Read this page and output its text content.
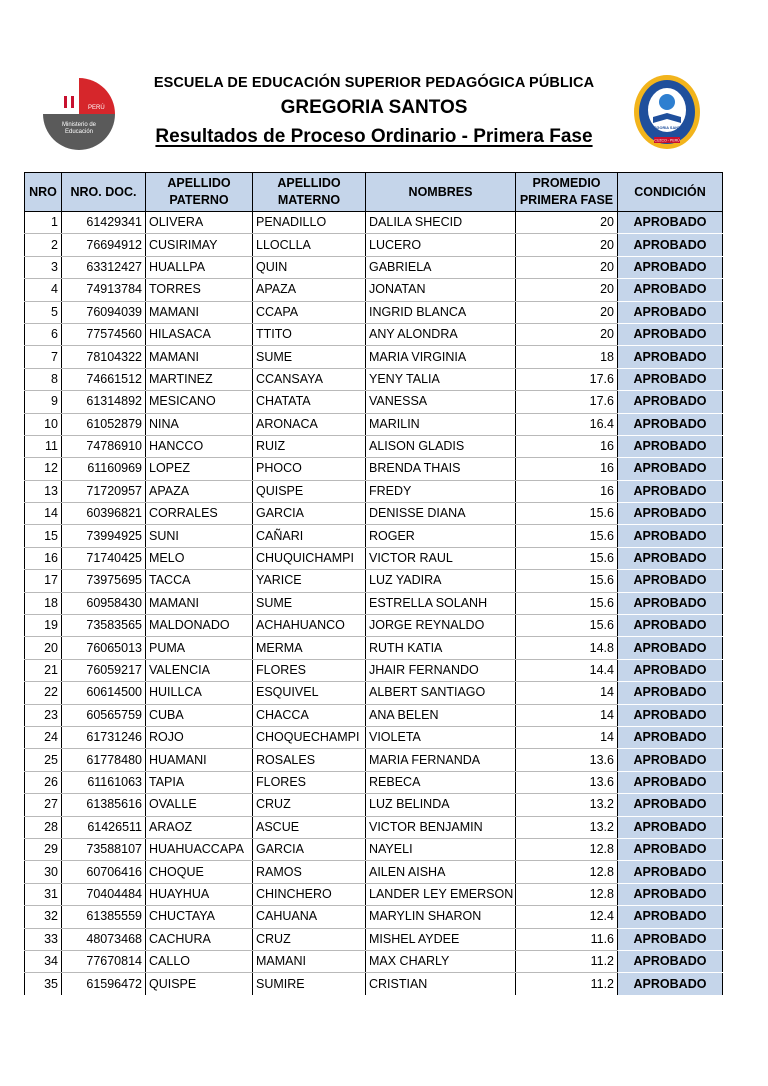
PERÚ
Ministerio de
Educación
GREGORIA SANTOS
CUZCO - PERÚ
ESCUELA DE EDUCACIÓN SUPERIOR PEDAGÓGICA PÚBLICA
GREGORIA SANTOS
Resultados de Proceso Ordinario - Primera Fase
NRO	NRO. DOC.	APELLIDO PATERNO	APELLIDO MATERNO	NOMBRES	PROMEDIO PRIMERA FASE	CONDICIÓN
1	61429341	OLIVERA	PENADILLO	DALILA SHECID	20	APROBADO
2	76694912	CUSIRIMAY	LLOCLLA	LUCERO	20	APROBADO
3	63312427	HUALLPA	QUIN	GABRIELA	20	APROBADO
4	74913784	TORRES	APAZA	JONATAN	20	APROBADO
5	76094039	MAMANI	CCAPA	INGRID BLANCA	20	APROBADO
6	77574560	HILASACA	TTITO	ANY ALONDRA	20	APROBADO
7	78104322	MAMANI	SUME	MARIA VIRGINIA	18	APROBADO
8	74661512	MARTINEZ	CCANSAYA	YENY TALIA	17.6	APROBADO
9	61314892	MESICANO	CHATATA	VANESSA	17.6	APROBADO
10	61052879	NINA	ARONACA	MARILIN	16.4	APROBADO
11	74786910	HANCCO	RUIZ	ALISON GLADIS	16	APROBADO
12	61160969	LOPEZ	PHOCO	BRENDA THAIS	16	APROBADO
13	71720957	APAZA	QUISPE	FREDY	16	APROBADO
14	60396821	CORRALES	GARCIA	DENISSE DIANA	15.6	APROBADO
15	73994925	SUNI	CAÑARI	ROGER	15.6	APROBADO
16	71740425	MELO	CHUQUICHAMPI	VICTOR RAUL	15.6	APROBADO
17	73975695	TACCA	YARICE	LUZ YADIRA	15.6	APROBADO
18	60958430	MAMANI	SUME	ESTRELLA SOLANH	15.6	APROBADO
19	73583565	MALDONADO	ACHAHUANCO	JORGE REYNALDO	15.6	APROBADO
20	76065013	PUMA	MERMA	RUTH KATIA	14.8	APROBADO
21	76059217	VALENCIA	FLORES	JHAIR FERNANDO	14.4	APROBADO
22	60614500	HUILLCA	ESQUIVEL	ALBERT SANTIAGO	14	APROBADO
23	60565759	CUBA	CHACCA	ANA BELEN	14	APROBADO
24	61731246	ROJO	CHOQUECHAMPI	VIOLETA	14	APROBADO
25	61778480	HUAMANI	ROSALES	MARIA FERNANDA	13.6	APROBADO
26	61161063	TAPIA	FLORES	REBECA	13.6	APROBADO
27	61385616	OVALLE	CRUZ	LUZ BELINDA	13.2	APROBADO
28	61426511	ARAOZ	ASCUE	VICTOR BENJAMIN	13.2	APROBADO
29	73588107	HUAHUACCAPA	GARCIA	NAYELI	12.8	APROBADO
30	60706416	CHOQUE	RAMOS	AILEN AISHA	12.8	APROBADO
31	70404484	HUAYHUA	CHINCHERO	LANDER LEY EMERSON	12.8	APROBADO
32	61385559	CHUCTAYA	CAHUANA	MARYLIN SHARON	12.4	APROBADO
33	48073468	CACHURA	CRUZ	MISHEL AYDEE	11.6	APROBADO
34	77670814	CALLO	MAMANI	MAX CHARLY	11.2	APROBADO
35	61596472	QUISPE	SUMIRE	CRISTIAN	11.2	APROBADO
